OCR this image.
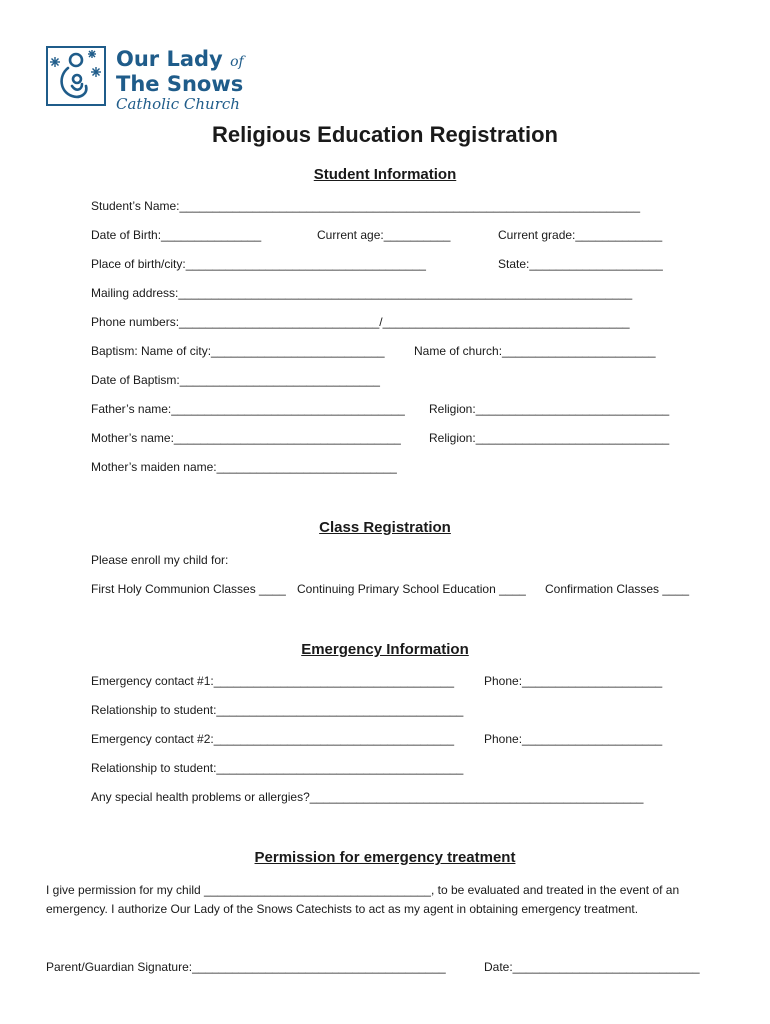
Our Lady of
The Snows
Catholic Church
Religious Education Registration
Student Information
Student’s Name:_____________________________________________________________________
Date of Birth:_______________	Current age:__________	Current grade:_____________
Place of birth/city:____________________________________	State:____________________
Mailing address:____________________________________________________________________
Phone numbers:______________________________/_____________________________________
Baptism: Name of city:__________________________ Name of church:_______________________
Date of Baptism:______________________________
Father’s name:___________________________________ Religion:_____________________________
Mother’s name:__________________________________ Religion:_____________________________
Mother’s maiden name:___________________________
Class Registration
Please enroll my child for:
First Holy Communion Classes ____ Continuing Primary School Education ____ Confirmation Classes ____
Emergency Information
Emergency contact #1:____________________________________	Phone:_____________________
Relationship to student:_____________________________________
Emergency contact #2:____________________________________	Phone:_____________________
Relationship to student:_____________________________________
Any special health problems or allergies?__________________________________________________
Permission for emergency treatment
I give permission for my child __________________________________, to be evaluated and treated in the event of an emergency. I authorize Our Lady of the Snows Catechists to act as my agent in obtaining emergency treatment.
Parent/Guardian Signature:______________________________________	Date:____________________________
